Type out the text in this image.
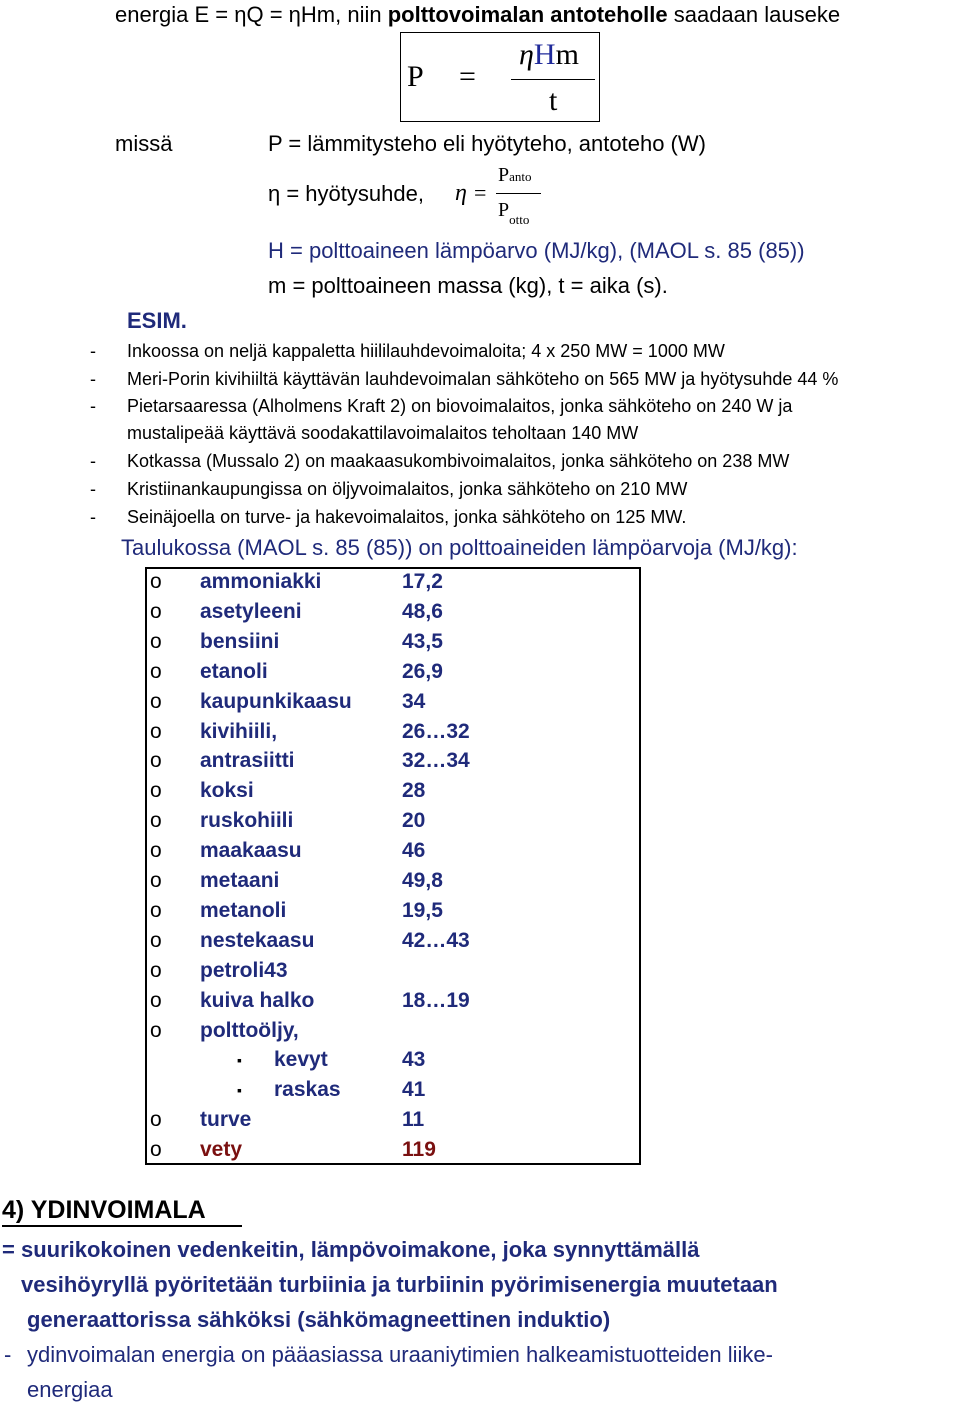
energia E = ηQ = ηHm, niin polttovoimalan antoteholle saadaan lauseke
P =
ηHm
t
missä	P = lämmitysteho eli hyötyteho, antoteho (W)
η = hyötysuhde, η =
Panto
$P_{otto}$
H = polttoaineen lämpöarvo (MJ/kg), (MAOL s. 85 (85))
m = polttoaineen massa (kg), t = aika (s).
ESIM.
- Inkoossa on neljä kappaletta hiililauhdevoimaloita; 4 x 250 MW = 1000 MW
- Meri-Porin kivihiiltä käyttävän lauhdevoimalan sähköteho on 565 MW ja hyötysuhde 44 %
- Pietarsaaressa (Alholmens Kraft 2) on biovoimalaitos, jonka sähköteho on 240 W ja
mustalipeää käyttävä soodakattilavoimalaitos teholtaan 140 MW
- Kotkassa (Mussalo 2) on maakaasukombivoimalaitos, jonka sähköteho on 238 MW
- Kristiinankaupungissa on öljyvoimalaitos, jonka sähköteho on 210 MW
- Seinäjoella on turve- ja hakevoimalaitos, jonka sähköteho on 125 MW.
Taulukossa (MAOL s. 85 (85)) on polttoaineiden lämpöarvoja (MJ/kg):
o ammoniakki	17,2
o asetyleeni	48,6
o bensiini	43,5
o etanoli	26,9
o kaupunkikaasu 34
o kivihiili,	26…32
o antrasiitti	32…34
o koksi	28
o ruskohiili	20
o maakaasu	46
o metaani	49,8
o metanoli	19,5
o nestekaasu	42…43
o petroli43
o kuiva halko	18…19
o polttoöljy,
▪ kevyt	43
▪ raskas	41
o turve	11
o vety	119
4) YDINVOIMALA
= suurikokoinen vedenkeitin, lämpövoimakone, joka synnyttämällä
vesihöyryllä pyöritetään turbiinia ja turbiinin pyörimisenergia muutetaan
generaattorissa sähköksi (sähkömagneettinen induktio)
- ydinvoimalan energia on pääasiassa uraaniytimien halkeamistuotteiden liike-
energiaa
